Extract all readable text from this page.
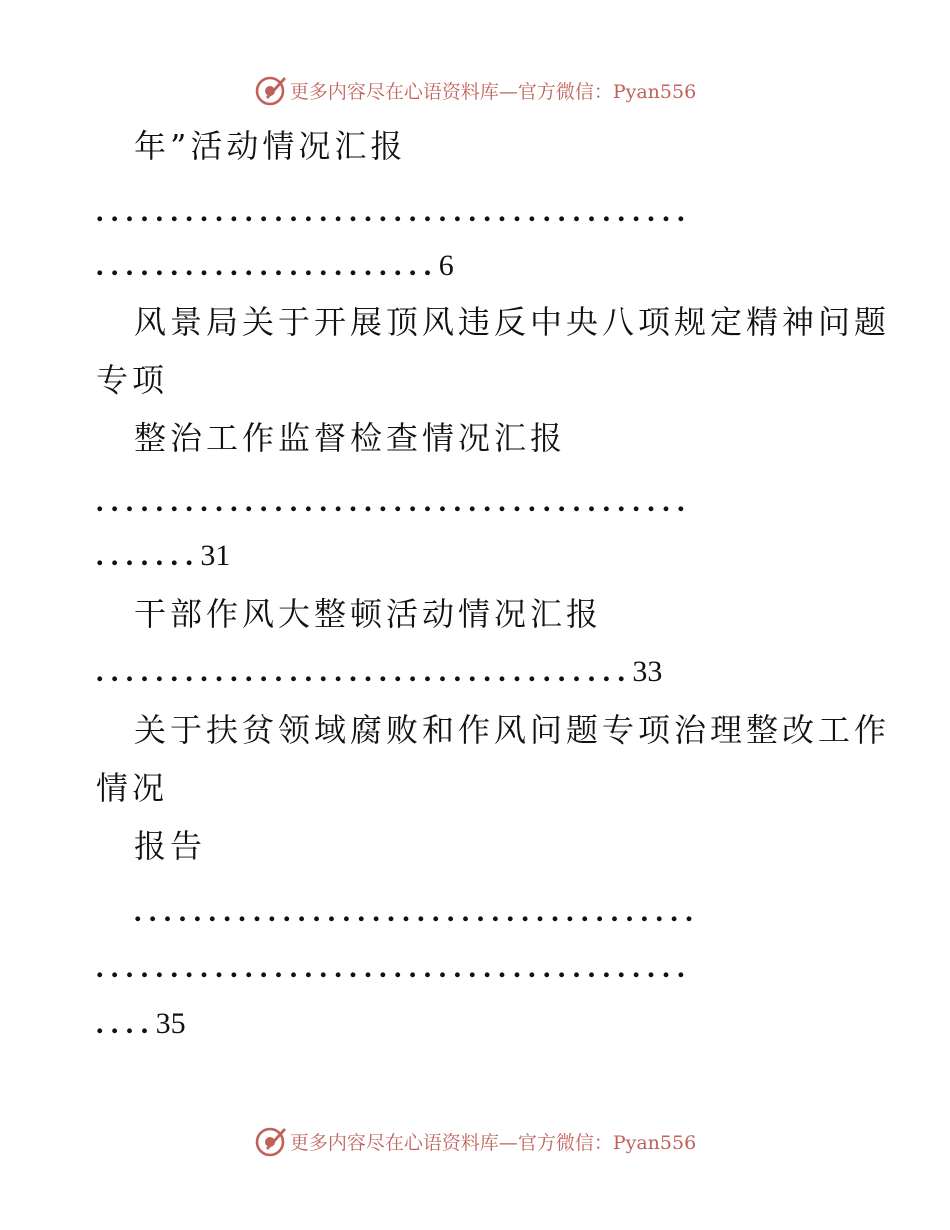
更多内容尽在心语资料库—官方微信：Pyan556
年”活动情况汇报
........................................
.......................6
风景局关于开展顶风违反中央八项规定精神问题
专项
整治工作监督检查情况汇报
........................................
.......31
干部作风大整顿活动情况汇报
....................................33
关于扶贫领域腐败和作风问题专项治理整改工作
情况
报告
......................................
........................................
....35
更多内容尽在心语资料库—官方微信：Pyan556
